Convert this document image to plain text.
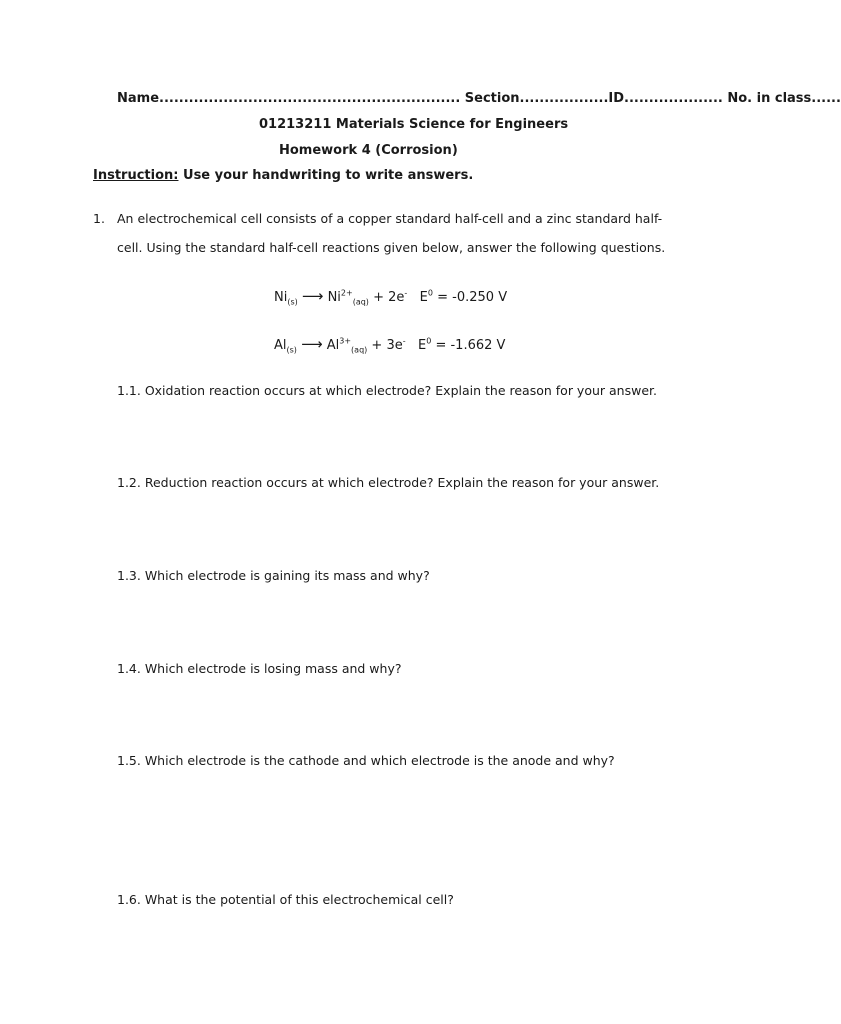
Name............................................................. Section..................ID.................... No. in class......
01213211 Materials Science for Engineers
Homework 4 (Corrosion)
Instruction: Use your handwriting to write answers.
1. An electrochemical cell consists of a copper standard half-cell and a zinc standard half-
cell. Using the standard half-cell reactions given below, answer the following questions.
$Ni_{(s)}$ ⟶ $Ni^{2+}_{(aq)} + 2e^-$ $E^0 = -0.250$ V
$Al_{(s)}$ ⟶ $Al^{3+}_{(aq)} + 3e^-$ $E^0 = -1.662$ V
1.1. Oxidation reaction occurs at which electrode? Explain the reason for your answer.
1.2. Reduction reaction occurs at which electrode? Explain the reason for your answer.
1.3. Which electrode is gaining its mass and why?
1.4. Which electrode is losing mass and why?
1.5. Which electrode is the cathode and which electrode is the anode and why?
1.6. What is the potential of this electrochemical cell?
